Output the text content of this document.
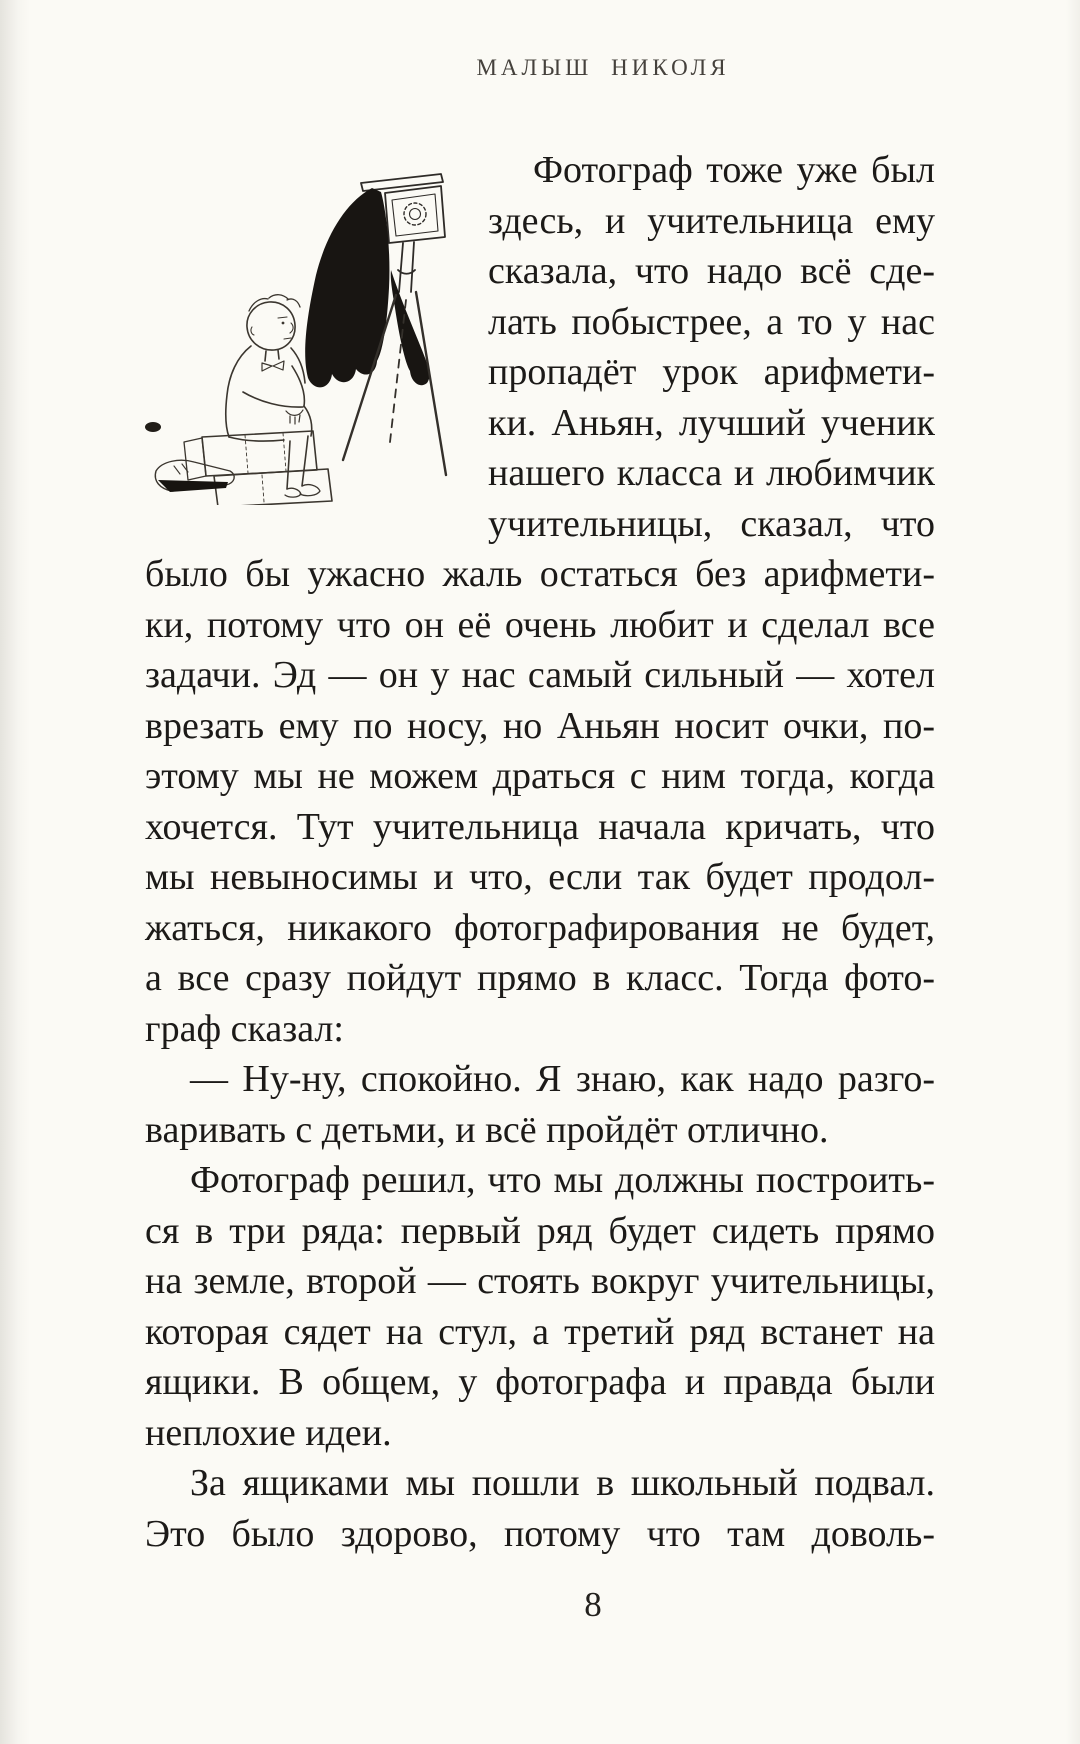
МАЛЫШ НИКОЛЯ
Фотограф тоже уже был
здесь, и учительница ему
сказала, что надо всё сде-
лать побыстрее, а то у нас
пропадёт урок арифмети-
ки. Аньян, лучший ученик
нашего класса и любимчик
учительницы, сказал, что
было бы ужасно жаль остаться без арифмети-
ки, потому что он её очень любит и сделал все
задачи. Эд — он у нас самый сильный — хотел
врезать ему по носу, но Аньян носит очки, по-
этому мы не можем драться с ним тогда, когда
хочется. Тут учительница начала кричать, что
мы невыносимы и что, если так будет продол-
жаться, никакого фотографирования не будет,
а все сразу пойдут прямо в класс. Тогда фото-
граф сказал:
— Ну-ну, спокойно. Я знаю, как надо разго-
варивать с детьми, и всё пройдёт отлично.
Фотограф решил, что мы должны построить-
ся в три ряда: первый ряд будет сидеть прямо
на земле, второй — стоять вокруг учительницы,
которая сядет на стул, а третий ряд встанет на
ящики. В общем, у фотографа и правда были
неплохие идеи.
За ящиками мы пошли в школьный подвал.
Это было здорово, потому что там доволь-
8
